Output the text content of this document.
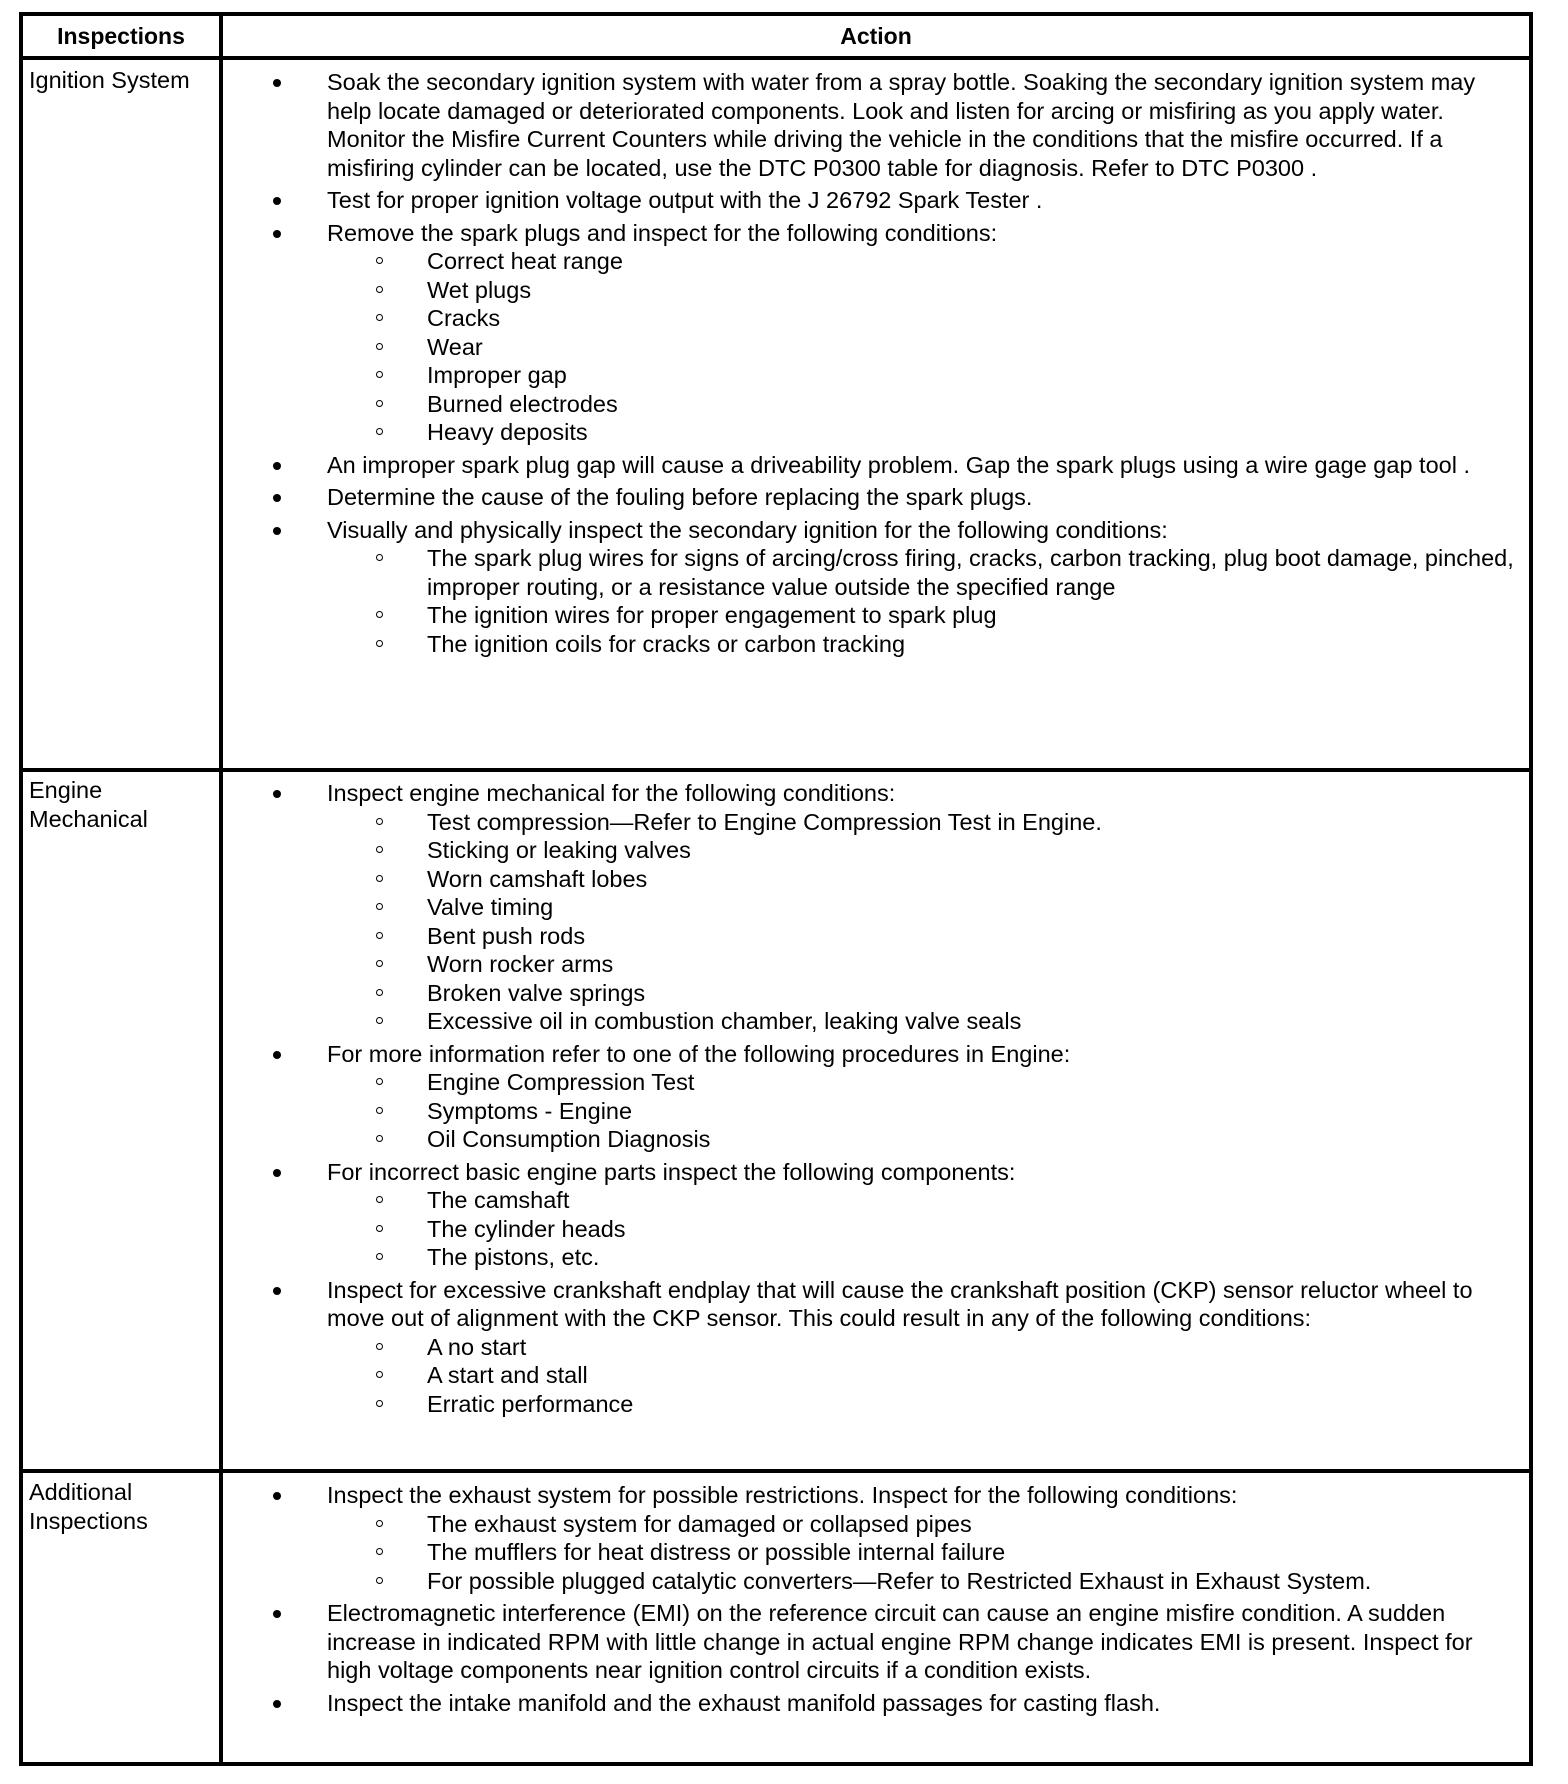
Inspections	Action
Ignition System	Soak the secondary ignition system with water from a spray bottle. Soaking the secondary ignition system may help locate damaged or deteriorated components. Look and listen for arcing or misfiring as you apply water. Monitor the Misfire Current Counters while driving the vehicle in the conditions that the misfire occurred. If a misfiring cylinder can be located, use the DTC P0300 table for diagnosis. Refer to DTC P0300 .
Test for proper ignition voltage output with the J 26792 Spark Tester .
Remove the spark plugs and inspect for the following conditions:
Correct heat range
Wet plugs
Cracks
Wear
Improper gap
Burned electrodes
Heavy deposits
An improper spark plug gap will cause a driveability problem. Gap the spark plugs using a wire gage gap tool .
Determine the cause of the fouling before replacing the spark plugs.
Visually and physically inspect the secondary ignition for the following conditions:
The spark plug wires for signs of arcing/cross firing, cracks, carbon tracking, plug boot damage, pinched, improper routing, or a resistance value outside the specified range
The ignition wires for proper engagement to spark plug
The ignition coils for cracks or carbon tracking
Engine
Mechanical
Inspect engine mechanical for the following conditions:
Test compression—Refer to Engine Compression Test in Engine.
Sticking or leaking valves
Worn camshaft lobes
Valve timing
Bent push rods
Worn rocker arms
Broken valve springs
Excessive oil in combustion chamber, leaking valve seals
For more information refer to one of the following procedures in Engine:
Engine Compression Test
Symptoms - Engine
Oil Consumption Diagnosis
For incorrect basic engine parts inspect the following components:
The camshaft
The cylinder heads
The pistons, etc.
Inspect for excessive crankshaft endplay that will cause the crankshaft position (CKP) sensor reluctor wheel to move out of alignment with the CKP sensor. This could result in any of the following conditions:
A no start
A start and stall
Erratic performance
Additional
Inspections
Inspect the exhaust system for possible restrictions. Inspect for the following conditions:
The exhaust system for damaged or collapsed pipes
The mufflers for heat distress or possible internal failure
For possible plugged catalytic converters—Refer to Restricted Exhaust in Exhaust System.
Electromagnetic interference (EMI) on the reference circuit can cause an engine misfire condition. A sudden increase in indicated RPM with little change in actual engine RPM change indicates EMI is present. Inspect for high voltage components near ignition control circuits if a condition exists.
Inspect the intake manifold and the exhaust manifold passages for casting flash.
